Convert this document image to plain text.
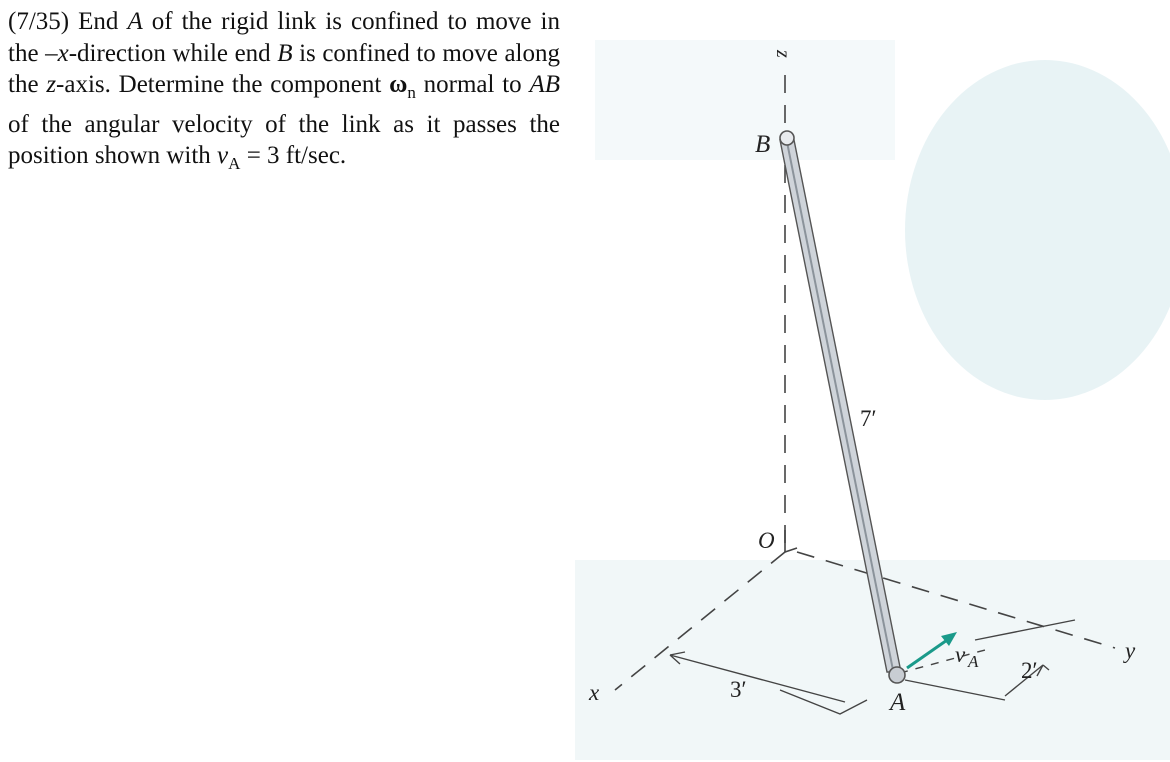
(7/35) End A of the rigid link is confined to move in the –x-direction while end B is confined to move along the z-axis. Determine the component $\omega_n$ normal to AB of the angular velocity of the link as it passes the position shown with $v_A = 3$ ft/sec.

z
B
O
x
y
A
v A
7′
3′
2′
